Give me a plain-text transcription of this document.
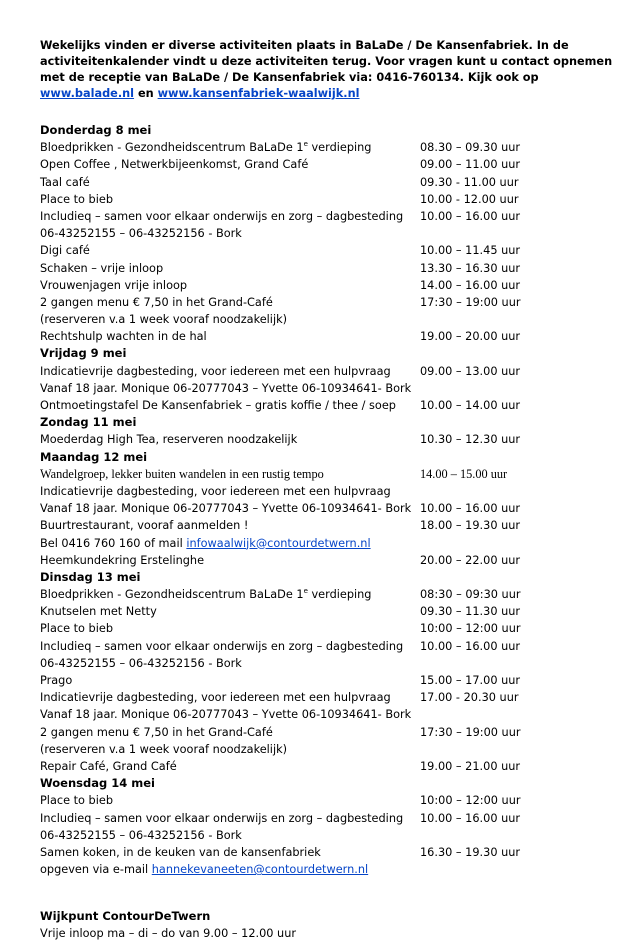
Wekelijks vinden er diverse activiteiten plaats in BaLaDe / De Kansenfabriek. In de activiteitenkalender vindt u deze activiteiten terug. Voor vragen kunt u contact opnemen met de receptie van BaLaDe / De Kansenfabriek via: 0416-760134. Kijk ook op www.balade.nl en www.kansenfabriek-waalwijk.nl

Donderdag 8 mei
Bloedprikken - Gezondheidscentrum BaLaDe 1e verdieping	08.30 – 09.30 uur
Open Coffee , Netwerkbijeenkomst, Grand Café	09.00 – 11.00 uur
Taal café	09.30 - 11.00 uur
Place to bieb	10.00 - 12.00 uur
Includieq – samen voor elkaar onderwijs en zorg – dagbesteding 10.00 – 16.00 uur
06-43252155 – 06-43252156 - Bork
Digi café	10.00 – 11.45 uur
Schaken – vrije inloop	13.30 – 16.30 uur
Vrouwenjagen vrije inloop	14.00 – 16.00 uur
2 gangen menu € 7,50 in het Grand-Café	17:30 – 19:00 uur
(reserveren v.a 1 week vooraf noodzakelijk)
Rechtshulp wachten in de hal	19.00 – 20.00 uur
Vrijdag 9 mei
Indicatievrije dagbesteding, voor iedereen met een hulpvraag	09.00 – 13.00 uur
Vanaf 18 jaar. Monique 06-20777043 – Yvette 06-10934641- Bork
Ontmoetingstafel De Kansenfabriek – gratis koffie / thee / soep 10.00 – 14.00 uur
Zondag 11 mei
Moederdag High Tea, reserveren noodzakelijk	10.30 – 12.30 uur
Maandag 12 mei
Wandelgroep, lekker buiten wandelen in een rustig tempo	14.00 – 15.00 uur
Indicatievrije dagbesteding, voor iedereen met een hulpvraag
Vanaf 18 jaar. Monique 06-20777043 – Yvette 06-10934641- Bork 10.00 – 16.00 uur
Buurtrestaurant, vooraf aanmelden !	18.00 – 19.30 uur
Bel 0416 760 160 of mail infowaalwijk@contourdetwern.nl
Heemkundekring Erstelinghe	20.00 – 22.00 uur
Dinsdag 13 mei
Bloedprikken - Gezondheidscentrum BaLaDe 1e verdieping	08:30 – 09:30 uur
Knutselen met Netty	09.30 – 11.30 uur
Place to bieb	10:00 – 12:00 uur
Includieq – samen voor elkaar onderwijs en zorg – dagbesteding 10.00 – 16.00 uur
06-43252155 – 06-43252156 - Bork
Prago	15.00 – 17.00 uur
Indicatievrije dagbesteding, voor iedereen met een hulpvraag	17.00 - 20.30 uur
Vanaf 18 jaar. Monique 06-20777043 – Yvette 06-10934641- Bork
2 gangen menu € 7,50 in het Grand-Café	17:30 – 19:00 uur
(reserveren v.a 1 week vooraf noodzakelijk)
Repair Café, Grand Café	19.00 – 21.00 uur
Woensdag 14 mei
Place to bieb	10:00 – 12:00 uur
Includieq – samen voor elkaar onderwijs en zorg – dagbesteding 10.00 – 16.00 uur
06-43252155 – 06-43252156 - Bork
Samen koken, in de keuken van de kansenfabriek	16.30 – 19.30 uur
opgeven via e-mail hannekevaneeten@contourdetwern.nl
Wijkpunt ContourDeTwern
Vrije inloop ma – di – do van 9.00 – 12.00 uur
